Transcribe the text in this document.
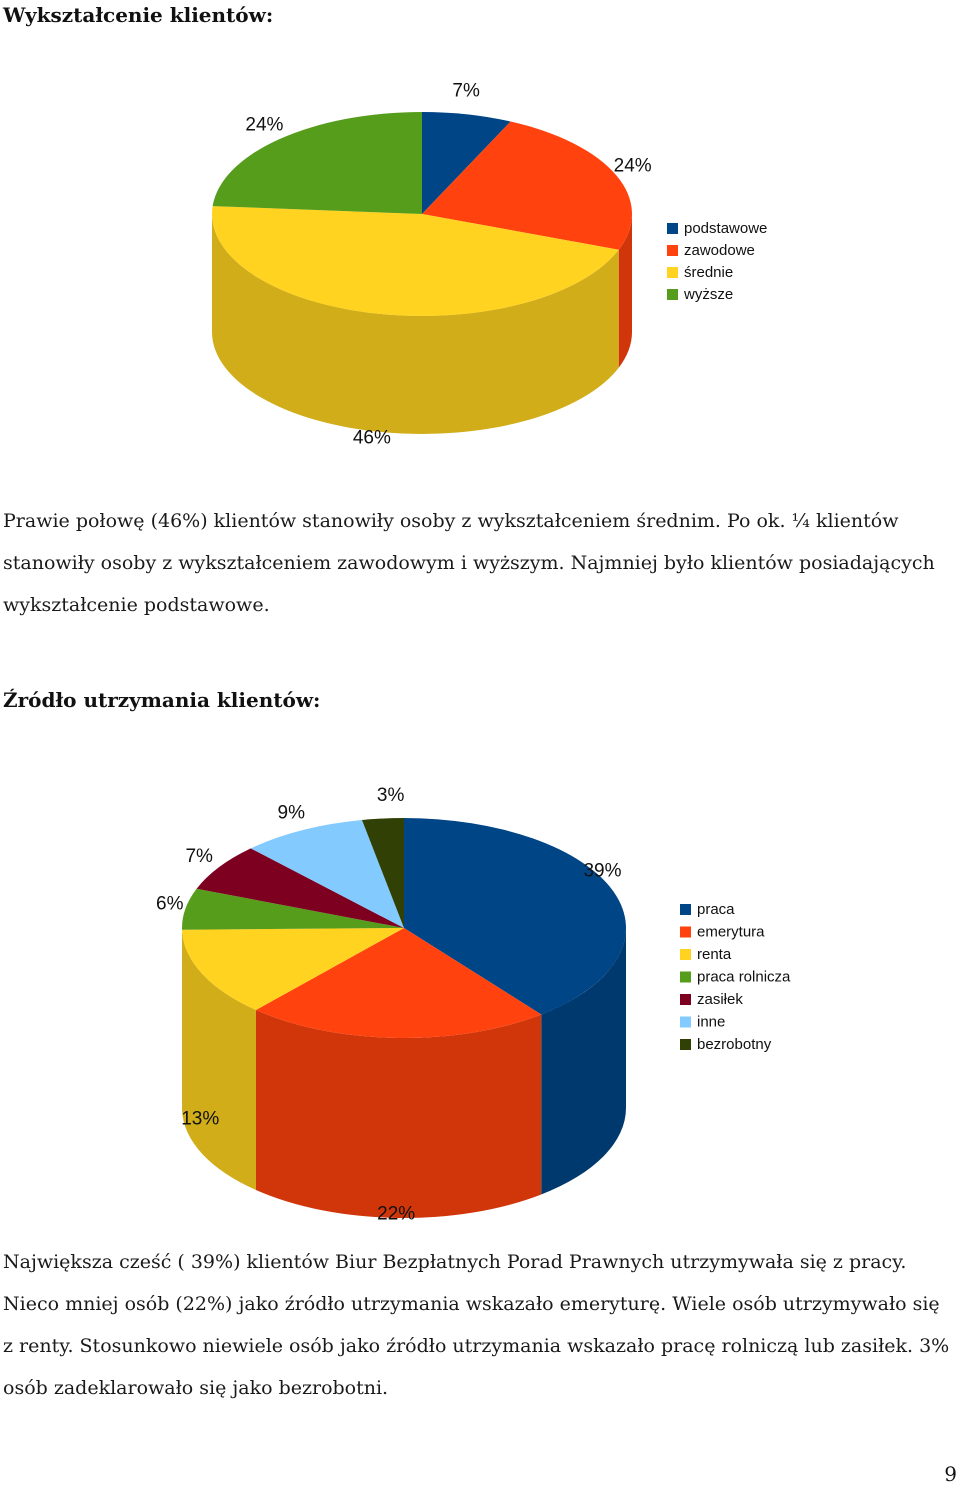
Wykształcenie klientów:
7%
24%
46%
24%
podstawowe
zawodowe
średnie
wyższe

Prawie połowę (46%) klientów stanowiły osoby z wykształceniem średnim. Po ok. ¼ klientów stanowiły osoby z wykształceniem zawodowym i wyższym. Najmniej było klientów posiadających wykształcenie podstawowe.

Źródło utrzymania klientów:
39%
22%
13%
6%
7%
9%
3%
praca
emerytura
renta
praca rolnicza
zasiłek
inne
bezrobotny

Największa cześć ( 39%) klientów Biur Bezpłatnych Porad Prawnych utrzymywała się z pracy. Nieco mniej osób (22%) jako źródło utrzymania wskazało emeryturę. Wiele osób utrzymywało się z renty. Stosunkowo niewiele osób jako źródło utrzymania wskazało pracę rolniczą lub zasiłek. 3% osób zadeklarowało się jako bezrobotni.

9
